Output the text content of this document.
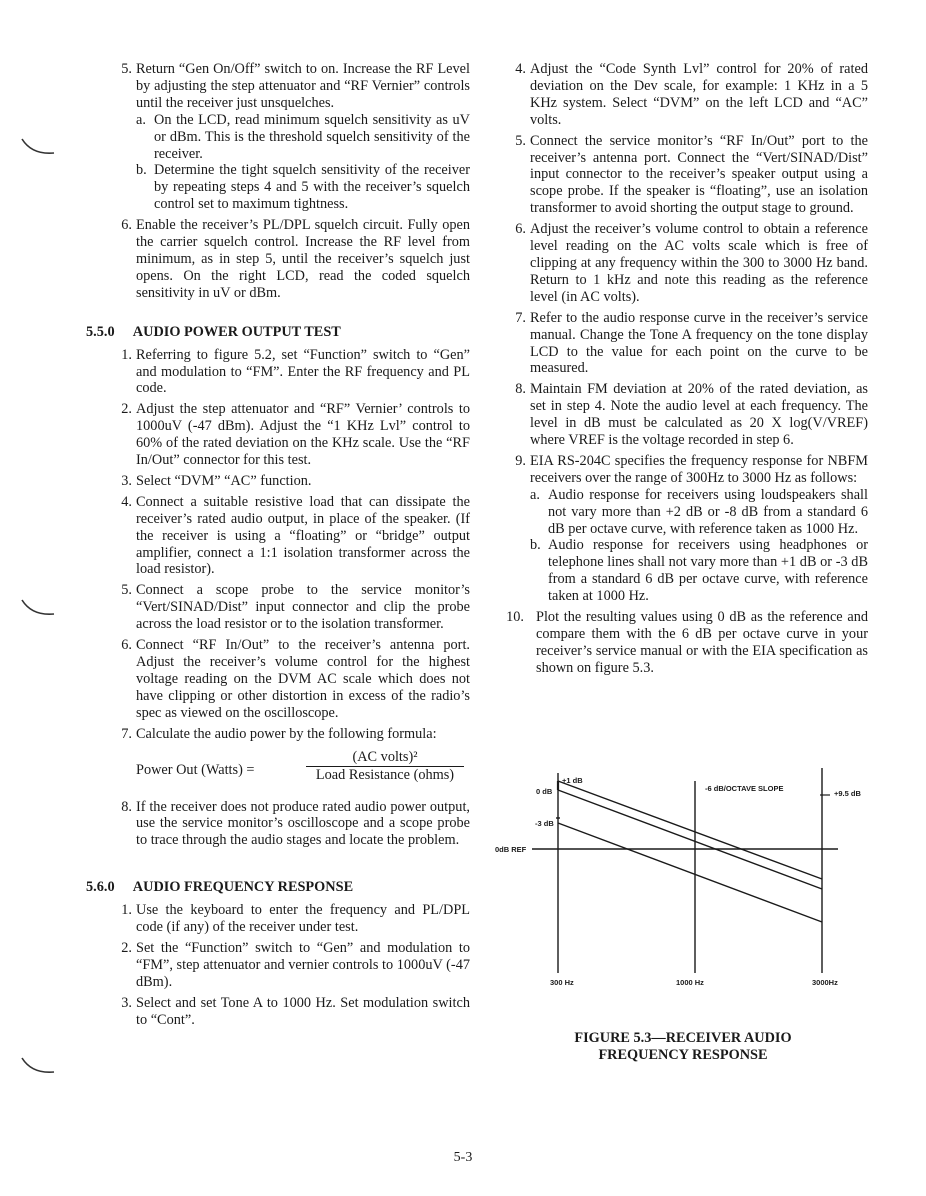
5. Return “Gen On/Off” switch to on. Increase the RF Level by adjusting the step attenuator and “RF Vernier” controls until the receiver just unsquelches.
a. On the LCD, read minimum squelch sensitivity as uV or dBm. This is the threshold squelch sensitivity of the receiver.
b. Determine the tight squelch sensitivity of the receiver by repeating steps 4 and 5 with the receiver’s squelch control set to maximum tightness.
6. Enable the receiver’s PL/DPL squelch circuit. Fully open the carrier squelch control. Increase the RF level from minimum, as in step 5, until the receiver’s squelch just opens. On the right LCD, read the coded squelch sensitivity in uV or dBm.
5.5.0 AUDIO POWER OUTPUT TEST
1. Referring to figure 5.2, set “Function” switch to “Gen” and modulation to “FM”. Enter the RF frequency and PL code.
2. Adjust the step attenuator and “RF” Vernier’ controls to 1000uV (-47 dBm). Adjust the “1 KHz Lvl” control to 60% of the rated deviation on the KHz scale. Use the “RF In/Out” connector for this test.
3. Select “DVM” “AC” function.
4. Connect a suitable resistive load that can dissipate the receiver’s rated audio output, in place of the speaker. (If the receiver is using a “floating” or “bridge” output amplifier, connect a 1:1 isolation transformer across the load resistor).
5. Connect a scope probe to the service monitor’s “Vert/SINAD/Dist” input connector and clip the probe across the load resistor or to the isolation transformer.
6. Connect “RF In/Out” to the receiver’s antenna port. Adjust the receiver’s volume control for the highest voltage reading on the DVM AC scale which does not have clipping or other distortion in excess of the radio’s spec as viewed on the oscilloscope.
7. Calculate the audio power by the following formula:
Power Out (Watts) =
(AC volts)²
Load Resistance (ohms)
8. If the receiver does not produce rated audio power output, use the service monitor’s oscilloscope and a scope probe to trace through the audio stages and locate the problem.
5.6.0 AUDIO FREQUENCY RESPONSE
1. Use the keyboard to enter the frequency and PL/DPL code (if any) of the receiver under test.
2. Set the “Function” switch to “Gen” and modulation to “FM”, step attenuator and vernier controls to 1000uV (-47 dBm).
3. Select and set Tone A to 1000 Hz. Set modulation switch to “Cont”.
4. Adjust the “Code Synth Lvl” control for 20% of rated deviation on the Dev scale, for example: 1 KHz in a 5 KHz system. Select “DVM” on the left LCD and “AC” volts.
5. Connect the service monitor’s “RF In/Out” port to the receiver’s antenna port. Connect the “Vert/SINAD/Dist” input connector to the receiver’s speaker output using a scope probe. If the speaker is “floating”, use an isolation transformer to avoid shorting the output stage to ground.
6. Adjust the receiver’s volume control to obtain a reference level reading on the AC volts scale which is free of clipping at any frequency within the 300 to 3000 Hz band. Return to 1 kHz and note this reading as the reference level (in AC volts).
7. Refer to the audio response curve in the receiver’s service manual. Change the Tone A frequency on the tone display LCD to the value for each point on the curve to be measured.
8. Maintain FM deviation at 20% of the rated deviation, as set in step 4. Note the audio level at each frequency. The level in dB must be calculated as 20 X log(V/VREF) where VREF is the voltage recorded in step 6.
9. EIA RS-204C specifies the frequency response for NBFM receivers over the range of 300Hz to 3000 Hz as follows:
a. Audio response for receivers using loudspeakers shall not vary more than +2 dB or -8 dB from a standard 6 dB per octave curve, with reference taken as 1000 Hz.
b. Audio response for receivers using headphones or telephone lines shall not vary more than +1 dB or -3 dB from a standard 6 dB per octave curve, with reference taken at 1000 Hz.
10. Plot the resulting values using 0 dB as the reference and compare them with the 6 dB per octave curve in your receiver’s service manual or with the EIA specification as shown on figure 5.3.
+1 dB
0 dB
-3 dB
0dB REF
-6 dB/OCTAVE SLOPE
+9.5 dB
300 Hz	1000 Hz	3000Hz
FIGURE 5.3—RECEIVER AUDIO
FREQUENCY RESPONSE
5-3
